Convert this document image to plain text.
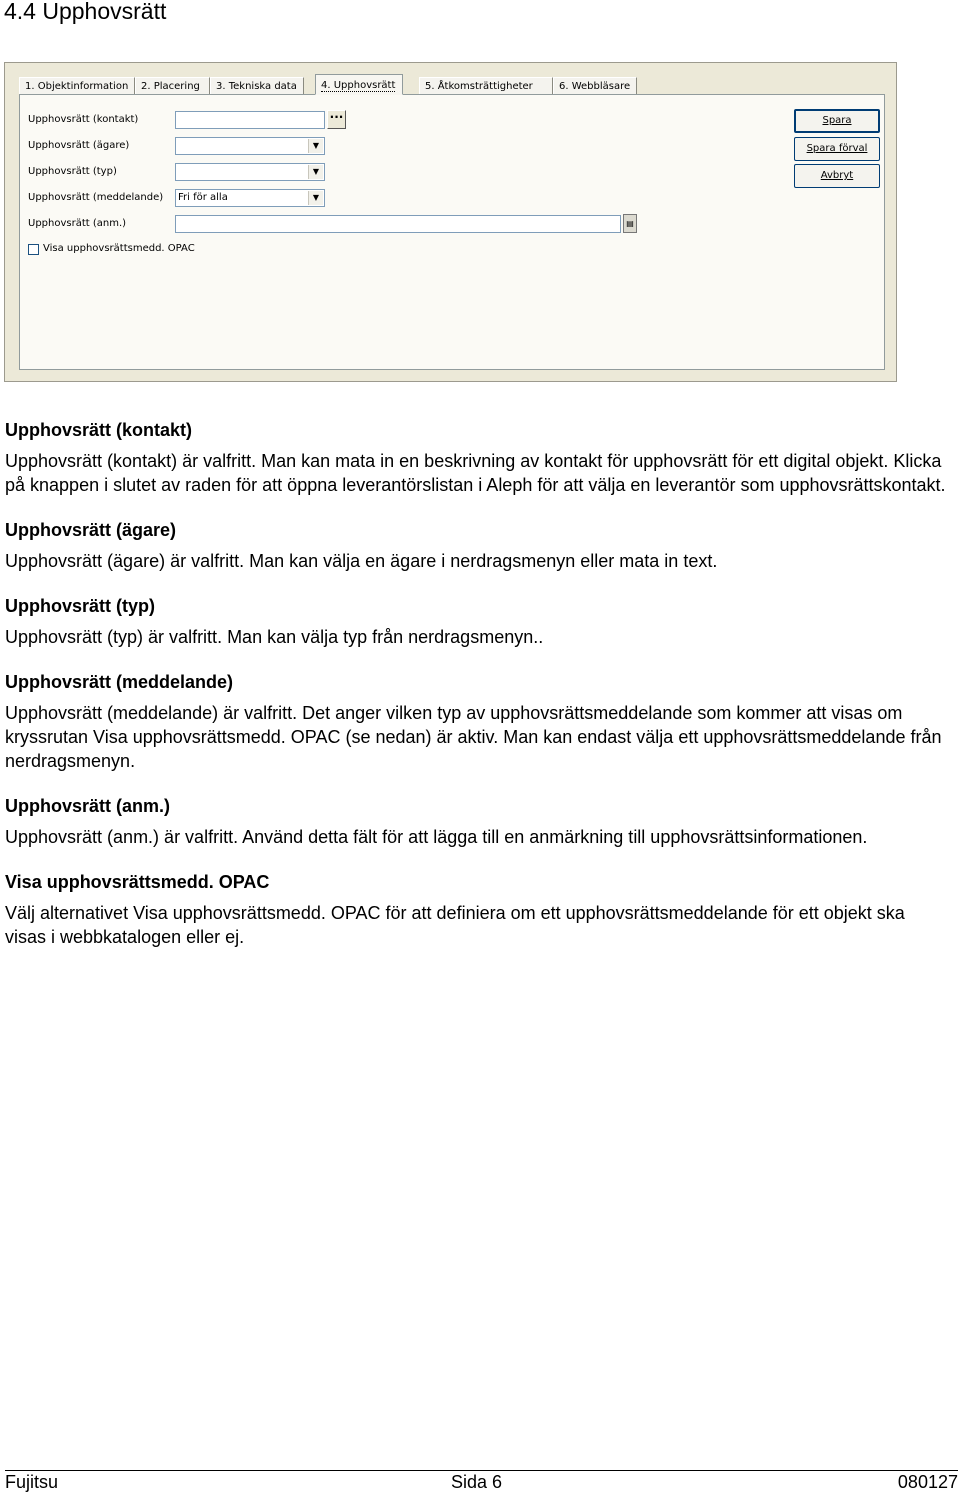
4.4 Upphovsrätt
1. Objektinformation	2. Placering	3. Tekniska data	4. Upphovsrätt	5. Åtkomsträttigheter	6. Webbläsare
Upphovsrätt (kontakt)	···
Upphovsrätt (ägare)	▼
Upphovsrätt (typ)	▼
Upphovsrätt (meddelande)	Fri för alla	▼
Upphovsrätt (anm.)	▤
Visa upphovsrättsmedd. OPAC
Spara
Spara förval
Avbryt
Upphovsrätt (kontakt)

Upphovsrätt (kontakt) är valfritt. Man kan mata in en beskrivning av kontakt för upphovsrätt för ett digital objekt. Klicka på knappen i slutet av raden för att öppna leverantörslistan i Aleph för att välja en leverantör som upphovsrättskontakt.

Upphovsrätt (ägare)

Upphovsrätt (ägare) är valfritt. Man kan välja en ägare i nerdragsmenyn eller mata in text.

Upphovsrätt (typ)

Upphovsrätt (typ) är valfritt. Man kan välja typ från nerdragsmenyn..

Upphovsrätt (meddelande)

Upphovsrätt (meddelande) är valfritt. Det anger vilken typ av upphovsrättsmeddelande som kommer att visas om kryssrutan Visa upphovsrättsmedd. OPAC (se nedan) är aktiv. Man kan endast välja ett upphovsrättsmeddelande från nerdragsmenyn.

Upphovsrätt (anm.)

Upphovsrätt (anm.) är valfritt. Använd detta fält för att lägga till en anmärkning till upphovsrättsinformationen.

Visa upphovsrättsmedd. OPAC

Välj alternativet Visa upphovsrättsmedd. OPAC för att definiera om ett upphovsrättsmeddelande för ett objekt ska visas i webbkatalogen eller ej.

Fujitsu	Sida 6	080127
